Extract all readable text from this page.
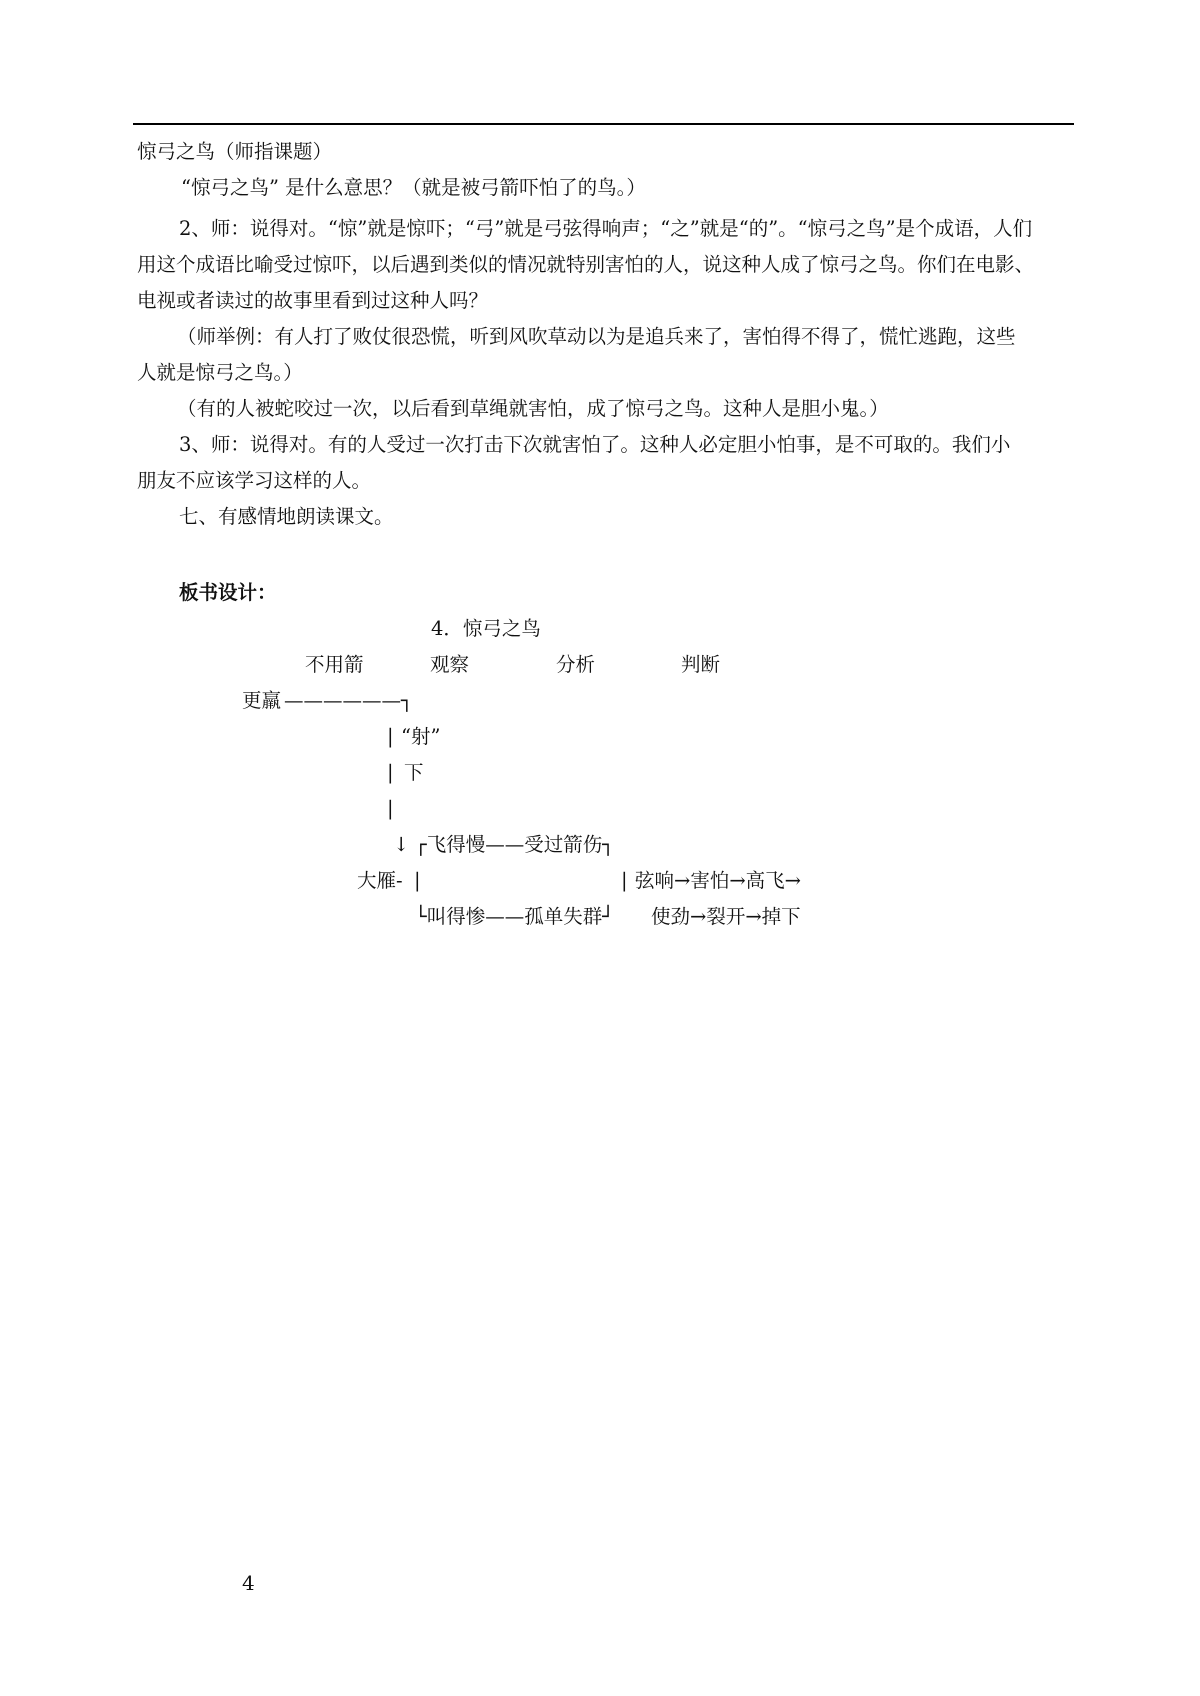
惊弓之鸟（师指课题）
“惊弓之鸟” 是什么意思？（就是被弓箭吓怕了的鸟。）
2、师：说得对。“惊”就是惊吓；“弓”就是弓弦得响声；“之”就是“的”。“惊弓之鸟”是个成语，人们
用这个成语比喻受过惊吓，以后遇到类似的情况就特别害怕的人，说这种人成了惊弓之鸟。你们在电影、
电视或者读过的故事里看到过这种人吗？
（师举例：有人打了败仗很恐慌，听到风吹草动以为是追兵来了，害怕得不得了，慌忙逃跑，这些
人就是惊弓之鸟。）
（有的人被蛇咬过一次，以后看到草绳就害怕，成了惊弓之鸟。这种人是胆小鬼。）
3、师：说得对。有的人受过一次打击下次就害怕了。这种人必定胆小怕事，是不可取的。我们小
朋友不应该学习这样的人。
七、有感情地朗读课文。
板书设计：
4．惊弓之鸟
不用箭	观察	分析	判断
更羸 ——————┐
| “射”
| 下
|
↓ ┌飞得慢——受过箭伤┐
大雁- |	| 弦响→害怕→高飞→
└叫得惨——孤单失群┘ 使劲→裂开→掉下
4
